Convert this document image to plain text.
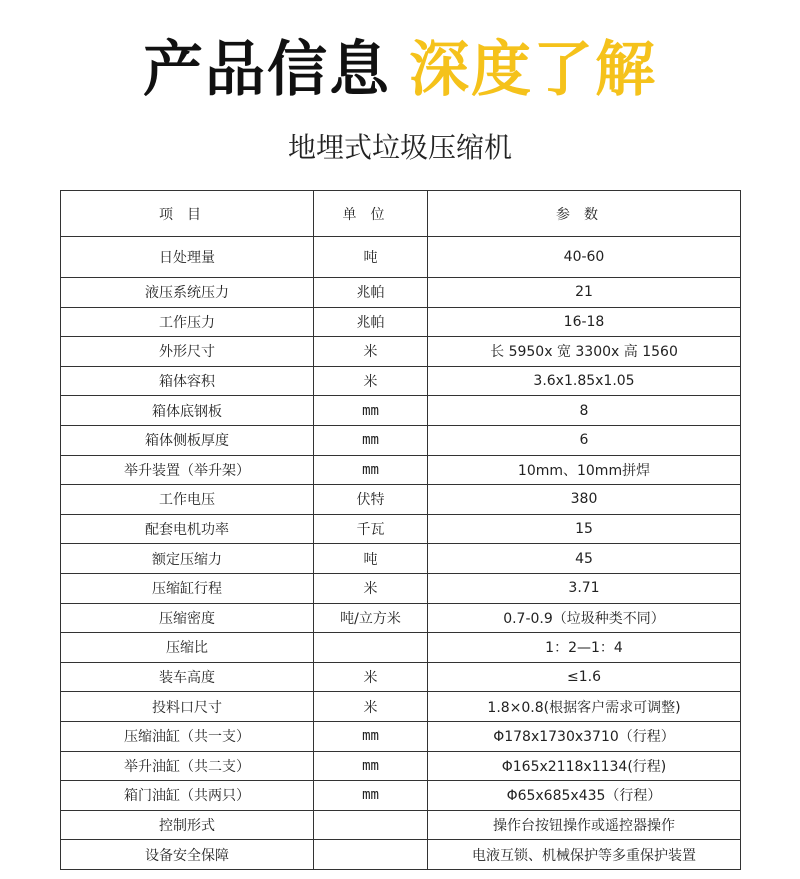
产品信息 深度了解
地埋式垃圾压缩机
项目	单位	参数
日处理量	吨	40-60
液压系统压力	兆帕	21
工作压力	兆帕	16-18
外形尺寸	米	长 5950x 宽 3300x 高 1560
箱体容积	米	3.6x1.85x1.05
箱体底钢板	mm	8
箱体侧板厚度	mm	6
举升装置（举升架）	mm	10mm、10mm拼焊
工作电压	伏特	380
配套电机功率	千瓦	15
额定压缩力	吨	45
压缩缸行程	米	3.71
压缩密度	吨/立方米	0.7-0.9（垃圾种类不同）
压缩比		1：2—1：4
装车高度	米	≤1.6
投料口尺寸	米	1.8×0.8(根据客户需求可调整)
压缩油缸（共一支）	mm	Φ178x1730x3710（行程）
举升油缸（共二支）	mm	Φ165x2118x1134(行程)
箱门油缸（共两只）	mm	Φ65x685x435（行程）
控制形式		操作台按钮操作或遥控器操作
设备安全保障		电液互锁、机械保护等多重保护装置
